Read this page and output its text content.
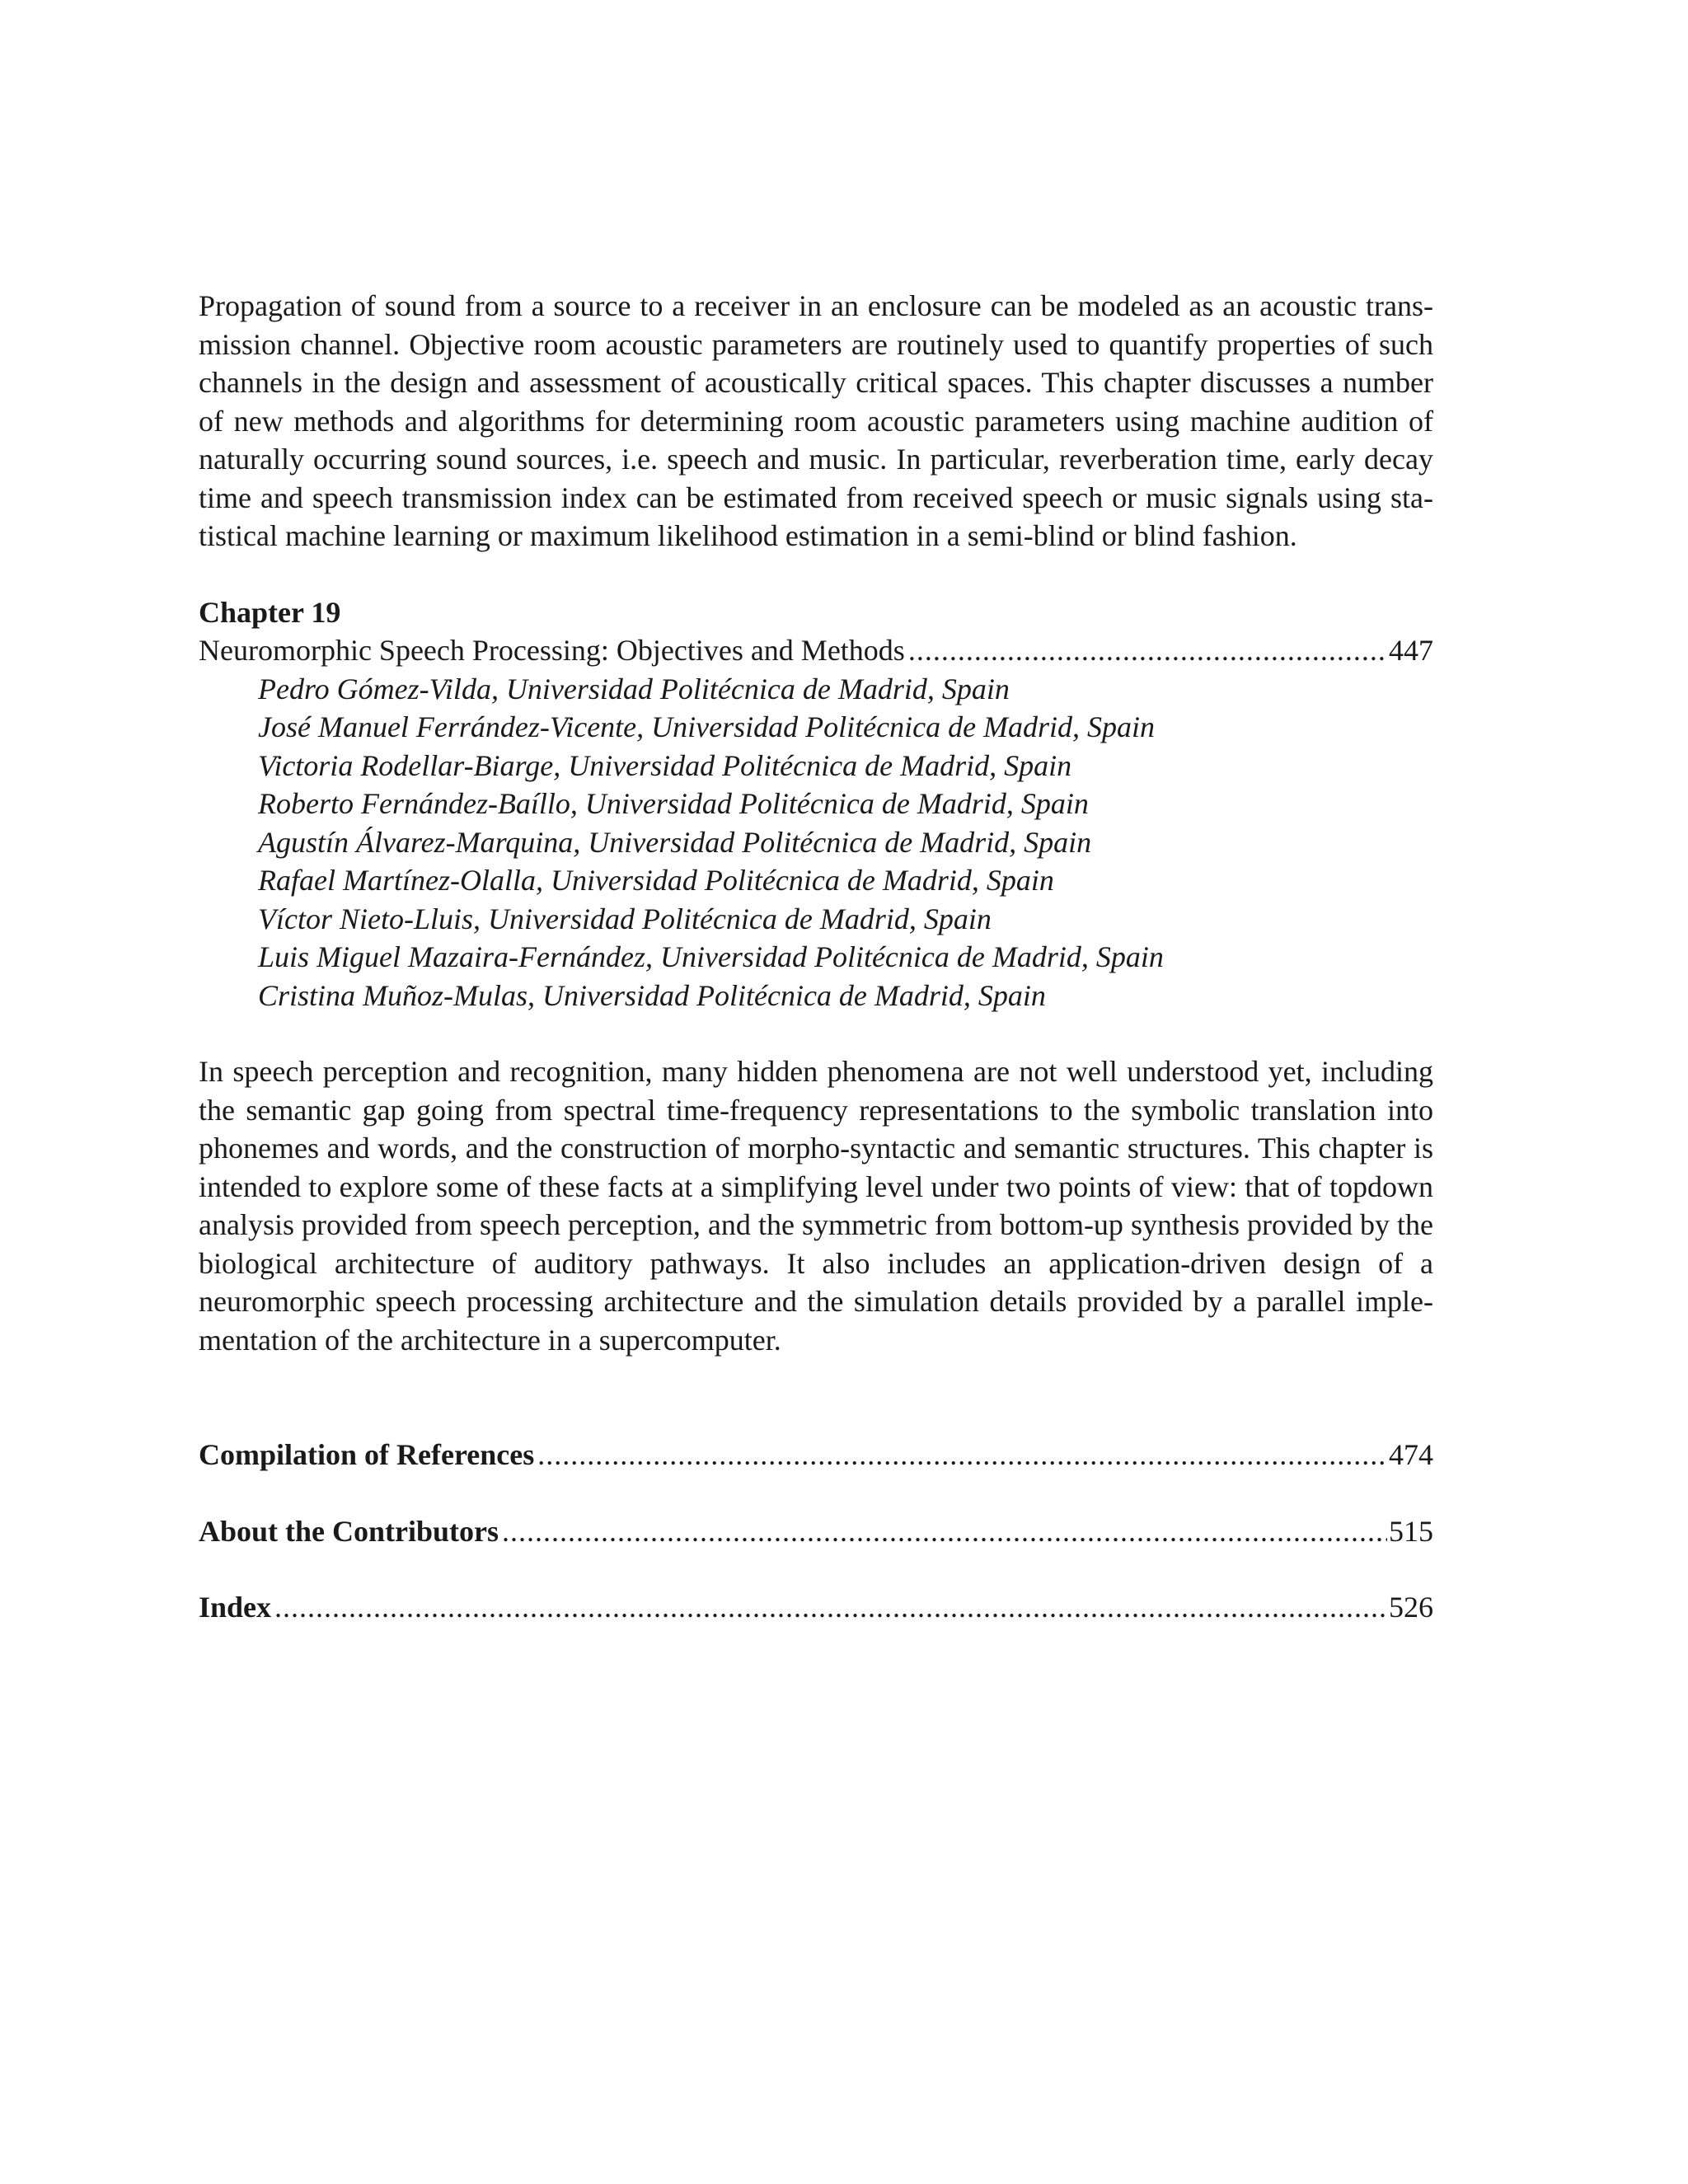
Propagation of sound from a source to a receiver in an enclosure can be modeled as an acoustic transmission channel. Objective room acoustic parameters are routinely used to quantify properties of such channels in the design and assessment of acoustically critical spaces. This chapter discusses a number of new methods and algorithms for determining room acoustic parameters using machine audition of naturally occurring sound sources, i.e. speech and music. In particular, reverberation time, early decay time and speech transmission index can be estimated from received speech or music signals using statistical machine learning or maximum likelihood estimation in a semi-blind or blind fashion.

Chapter 19
Neuromorphic Speech Processing: Objectives and Methods .....	447
Pedro Gómez-Vilda, Universidad Politécnica de Madrid, Spain
José Manuel Ferrández-Vicente, Universidad Politécnica de Madrid, Spain
Victoria Rodellar-Biarge, Universidad Politécnica de Madrid, Spain
Roberto Fernández-Baíllo, Universidad Politécnica de Madrid, Spain
Agustín Álvarez-Marquina, Universidad Politécnica de Madrid, Spain
Rafael Martínez-Olalla, Universidad Politécnica de Madrid, Spain
Víctor Nieto-Lluis, Universidad Politécnica de Madrid, Spain
Luis Miguel Mazaira-Fernández, Universidad Politécnica de Madrid, Spain
Cristina Muñoz-Mulas, Universidad Politécnica de Madrid, Spain

In speech perception and recognition, many hidden phenomena are not well understood yet, including the semantic gap going from spectral time-frequency representations to the symbolic translation into phonemes and words, and the construction of morpho-syntactic and semantic structures. This chapter is intended to explore some of these facts at a simplifying level under two points of view: that of topdown analysis provided from speech perception, and the symmetric from bottom-up synthesis provided by the biological architecture of auditory pathways. It also includes an application-driven design of a neuromorphic speech processing architecture and the simulation details provided by a parallel implementation of the architecture in a supercomputer.

Compilation of References .....	474
About the Contributors .....	515
Index .....	526
